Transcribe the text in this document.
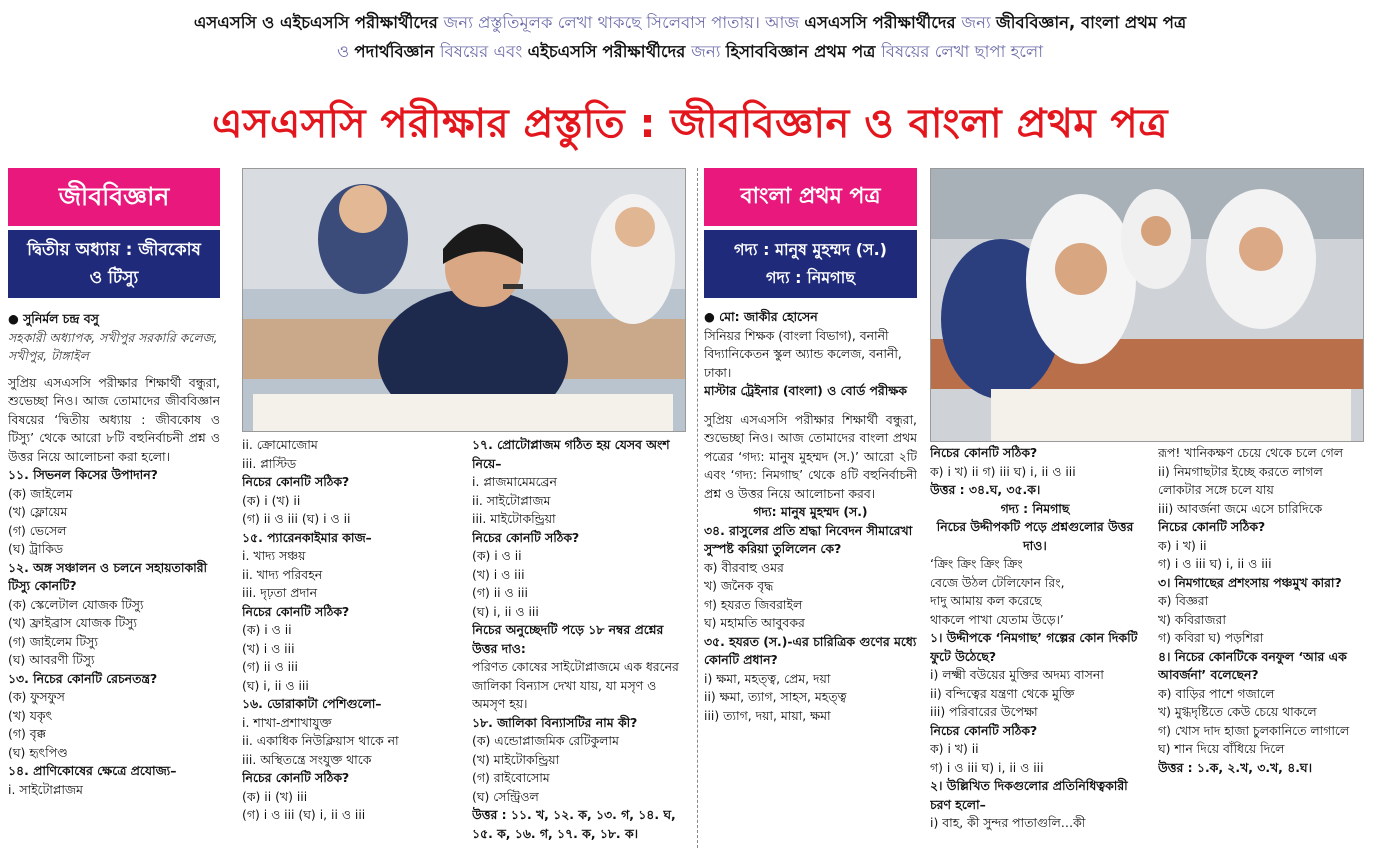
এসএসসি ও এইচএসসি পরীক্ষার্থীদের জন্য প্রস্তুতিমূলক লেখা থাকছে সিলেবাস পাতায়। আজ এসএসসি পরীক্ষার্থীদের জন্য জীববিজ্ঞান, বাংলা প্রথম পত্র
ও পদার্থবিজ্ঞান বিষয়ের এবং এইচএসসি পরীক্ষার্থীদের জন্য হিসাববিজ্ঞান প্রথম পত্র বিষয়ের লেখা ছাপা হলো
এসএসসি পরীক্ষার প্রস্তুতি : জীববিজ্ঞান ও বাংলা প্রথম পত্র
জীববিজ্ঞান
দ্বিতীয় অধ্যায় : জীবকোষ ও টিস্যু

● সুনির্মল চন্দ্র বসু

সহকারী অধ্যাপক, সখীপুর সরকারি কলেজ, সখীপুর, টাঙ্গাইল

সুপ্রিয় এসএসসি পরীক্ষার শিক্ষার্থী বন্ধুরা, শুভেচ্ছা নিও। আজ তোমাদের জীববিজ্ঞান বিষয়ের ‘দ্বিতীয় অধ্যায় : জীবকোষ ও টিস্যু’ থেকে আরো ৮টি বহুনির্বাচনী প্রশ্ন ও উত্তর নিয়ে আলোচনা করা হলো।

১১. সিভনল কিসের উপাদান?

(ক) জাইলেম

(খ) ফ্লোয়েম

(গ) ভেসেল

(ঘ) ট্রাকিড

১২. অঙ্গ সঞ্চালন ও চলনে সহায়তাকারী টিস্যু কোনটি?

(ক) স্কেলেটাল যোজক টিস্যু

(খ) ফ্রাইব্রাস যোজক টিস্যু

(গ) জাইলেম টিস্যু

(ঘ) আবরণী টিস্যু

১৩. নিচের কোনটি রেচনতন্ত্র?

(ক) ফুসফুস

(খ) যকৃৎ

(গ) বৃক্ক

(ঘ) হৃৎপিণ্ড

১৪. প্রাণিকোষের ক্ষেত্রে প্রযোজ্য–

i. সাইটোপ্লাজম

ii. ক্রোমোজোম

iii. প্লাস্টিড

নিচের কোনটি সঠিক?

(ক) i (খ) ii

(গ) ii ও iii (ঘ) i ও ii

১৫. প্যারেনকাইমার কাজ–

i. খাদ্য সঞ্চয়

ii. খাদ্য পরিবহন

iii. দৃঢ়তা প্রদান

নিচের কোনটি সঠিক?

(ক) i ও ii

(খ) i ও iii

(গ) ii ও iii

(ঘ) i, ii ও iii

১৬. ডোরাকাটা পেশিগুলো–

i. শাখা-প্রশাখাযুক্ত

ii. একাধিক নিউক্লিয়াস থাকে না

iii. অস্থিতন্ত্রে সংযুক্ত থাকে

নিচের কোনটি সঠিক?

(ক) ii (খ) iii

(গ) i ও iii (ঘ) i, ii ও iii

১৭. প্রোটোপ্লাজম গঠিত হয় যেসব অংশ নিয়ে–

i. প্লাজমামেমব্রেন

ii. সাইটোপ্লাজম

iii. মাইটোকন্ড্রিয়া

নিচের কোনটি সঠিক?

(ক) i ও ii

(খ) i ও iii

(গ) ii ও iii

(ঘ) i, ii ও iii

নিচের অনুচ্ছেদটি পড়ে ১৮ নম্বর প্রশ্নের উত্তর দাও:

পরিণত কোষের সাইটোপ্লাজমে এক ধরনের জালিকা বিন্যাস দেখা যায়, যা মসৃণ ও অমসৃণ হয়।

১৮. জালিকা বিন্যাসটির নাম কী?

(ক) এন্ডোপ্লাজমিক রেটিকুলাম

(খ) মাইটোকন্ড্রিয়া

(গ) রাইবোসোম

(ঘ) সেন্ট্রিওল

উত্তর : ১১. খ, ১২. ক, ১৩. গ, ১৪. ঘ, ১৫. ক, ১৬. গ, ১৭. ক, ১৮. ক।

বাংলা প্রথম পত্র
গদ্য : মানুষ মুহম্মদ (স.)
গদ্য : নিমগাছ

● মো: জাকীর হোসেন

সিনিয়র শিক্ষক (বাংলা বিভাগ), বনানী বিদ্যানিকেতন স্কুল অ্যান্ড কলেজ, বনানী, ঢাকা।

মাস্টার ট্রেইনার (বাংলা) ও বোর্ড পরীক্ষক

সুপ্রিয় এসএসসি পরীক্ষার শিক্ষার্থী বন্ধুরা, শুভেচ্ছা নিও। আজ তোমাদের বাংলা প্রথম পত্রের ‘গদ্য: মানুষ মুহম্মদ (স.)’ আরো ২টি এবং ‘গদ্য: নিমগাছ’ থেকে ৪টি বহুনির্বাচনী প্রশ্ন ও উত্তর নিয়ে আলোচনা করব।

গদ্য: মানুষ মুহম্মদ (স.)

৩৪. রাসুলের প্রতি শ্রদ্ধা নিবেদন সীমারেখা সুস্পষ্ট করিয়া তুলিলেন কে?

ক) বীরবাহু ওমর

খ) জনৈক বৃদ্ধ

গ) হযরত জিবরাইল

ঘ) মহামতি আবুবকর

৩৫. হযরত (স.)-এর চারিত্রিক গুণের মধ্যে কোনটি প্রধান?

i) ক্ষমা, মহত্ত্ব, প্রেম, দয়া

ii) ক্ষমা, ত্যাগ, সাহস, মহত্ত্ব

iii) ত্যাগ, দয়া, মায়া, ক্ষমা

নিচের কোনটি সঠিক?

ক) i খ) ii গ) iii ঘ) i, ii ও iii

উত্তর : ৩৪.ঘ, ৩৫.ক।

গদ্য : নিমগাছ

নিচের উদ্দীপকটি পড়ে প্রশ্নগুলোর উত্তর দাও।

‘ক্রিং ক্রিং ক্রিং ক্রিং

বেজে উঠল টেলিফোন রিং,

দাদু আমায় কল করেছে

থাকলে পাখা যেতাম উড়ে।’

১। উদ্দীপকে ‘নিমগাছ’ গল্পের কোন দিকটি ফুটে উঠেছে?

i) লক্ষ্মী বউয়ের মুক্তির অদম্য বাসনা

ii) বন্দিত্বের যন্ত্রণা থেকে মুক্তি

iii) পরিবারের উপেক্ষা

নিচের কোনটি সঠিক?

ক) i খ) ii

গ) i ও iii ঘ) i, ii ও iii

২। উল্লিখিত দিকগুলোর প্রতিনিধিত্বকারী চরণ হলো–

i) বাহ, কী সুন্দর পাতাগুলি…কী

রূপ! খানিকক্ষণ চেয়ে থেকে চলে গেল

ii) নিমগাছটার ইচ্ছে করতে লাগল লোকটার সঙ্গে চলে যায়

iii) আবর্জনা জমে এসে চারিদিকে

নিচের কোনটি সঠিক?

ক) i খ) ii

গ) i ও iii ঘ) i, ii ও iii

৩। নিমগাছের প্রশংসায় পঞ্চমুখ কারা?

ক) বিজ্ঞরা

খ) কবিরাজরা

গ) কবিরা ঘ) পড়শিরা

৪। নিচের কোনটিকে বনফুল ‘আর এক আবর্জনা’ বলেছেন?

ক) বাড়ির পাশে গজালে

খ) মুগ্ধদৃষ্টিতে কেউ চেয়ে থাকলে

গ) খোস দাদ হাজা চুলকানিতে লাগালে

ঘ) শান দিয়ে বাঁধিয়ে দিলে

উত্তর : ১.ক, ২.খ, ৩.খ, ৪.ঘ।
